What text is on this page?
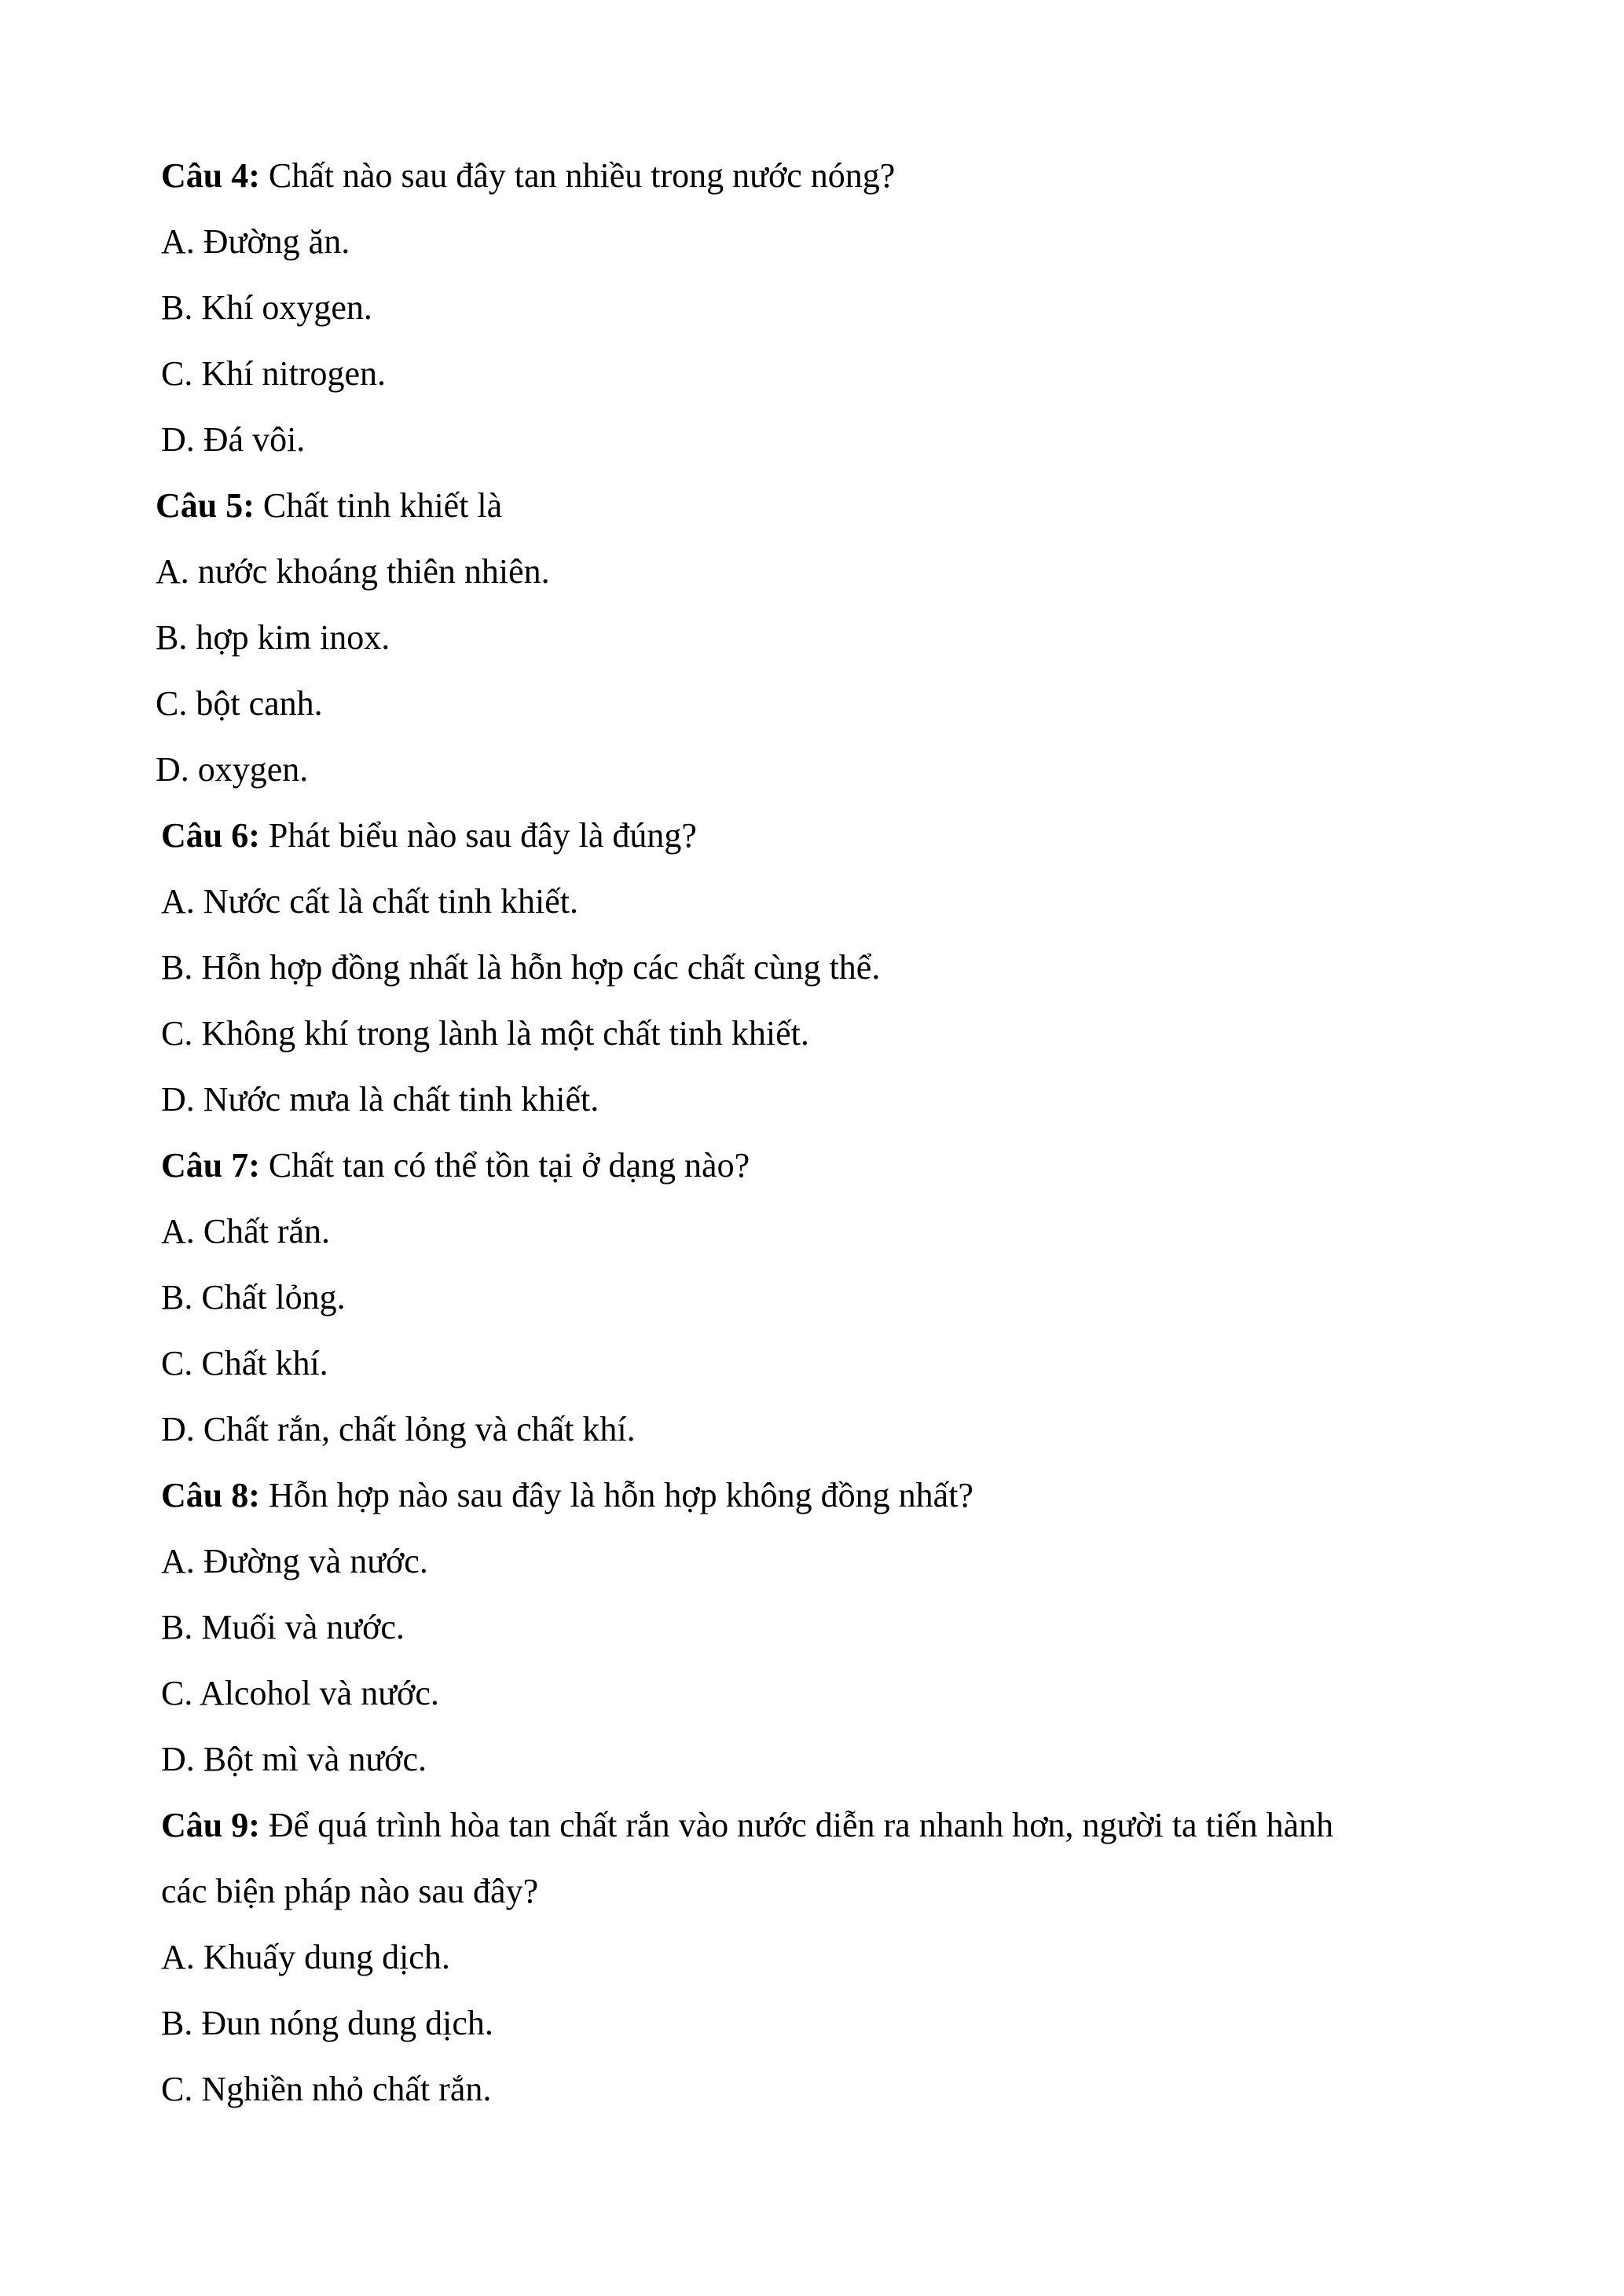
Câu 4: Chất nào sau đây tan nhiều trong nước nóng?
A. Đường ăn.
B. Khí oxygen.
C. Khí nitrogen.
D. Đá vôi.
Câu 5: Chất tinh khiết là
A. nước khoáng thiên nhiên.
B. hợp kim inox.
C. bột canh.
D. oxygen.
Câu 6: Phát biểu nào sau đây là đúng?
A. Nước cất là chất tinh khiết.
B. Hỗn hợp đồng nhất là hỗn hợp các chất cùng thể.
C. Không khí trong lành là một chất tinh khiết.
D. Nước mưa là chất tinh khiết.
Câu 7: Chất tan có thể tồn tại ở dạng nào?
A. Chất rắn.
B. Chất lỏng.
C. Chất khí.
D. Chất rắn, chất lỏng và chất khí.
Câu 8: Hỗn hợp nào sau đây là hỗn hợp không đồng nhất?
A. Đường và nước.
B. Muối và nước.
C. Alcohol và nước.
D. Bột mì và nước.
Câu 9: Để quá trình hòa tan chất rắn vào nước diễn ra nhanh hơn, người ta tiến hành
các biện pháp nào sau đây?
A. Khuấy dung dịch.
B. Đun nóng dung dịch.
C. Nghiền nhỏ chất rắn.
